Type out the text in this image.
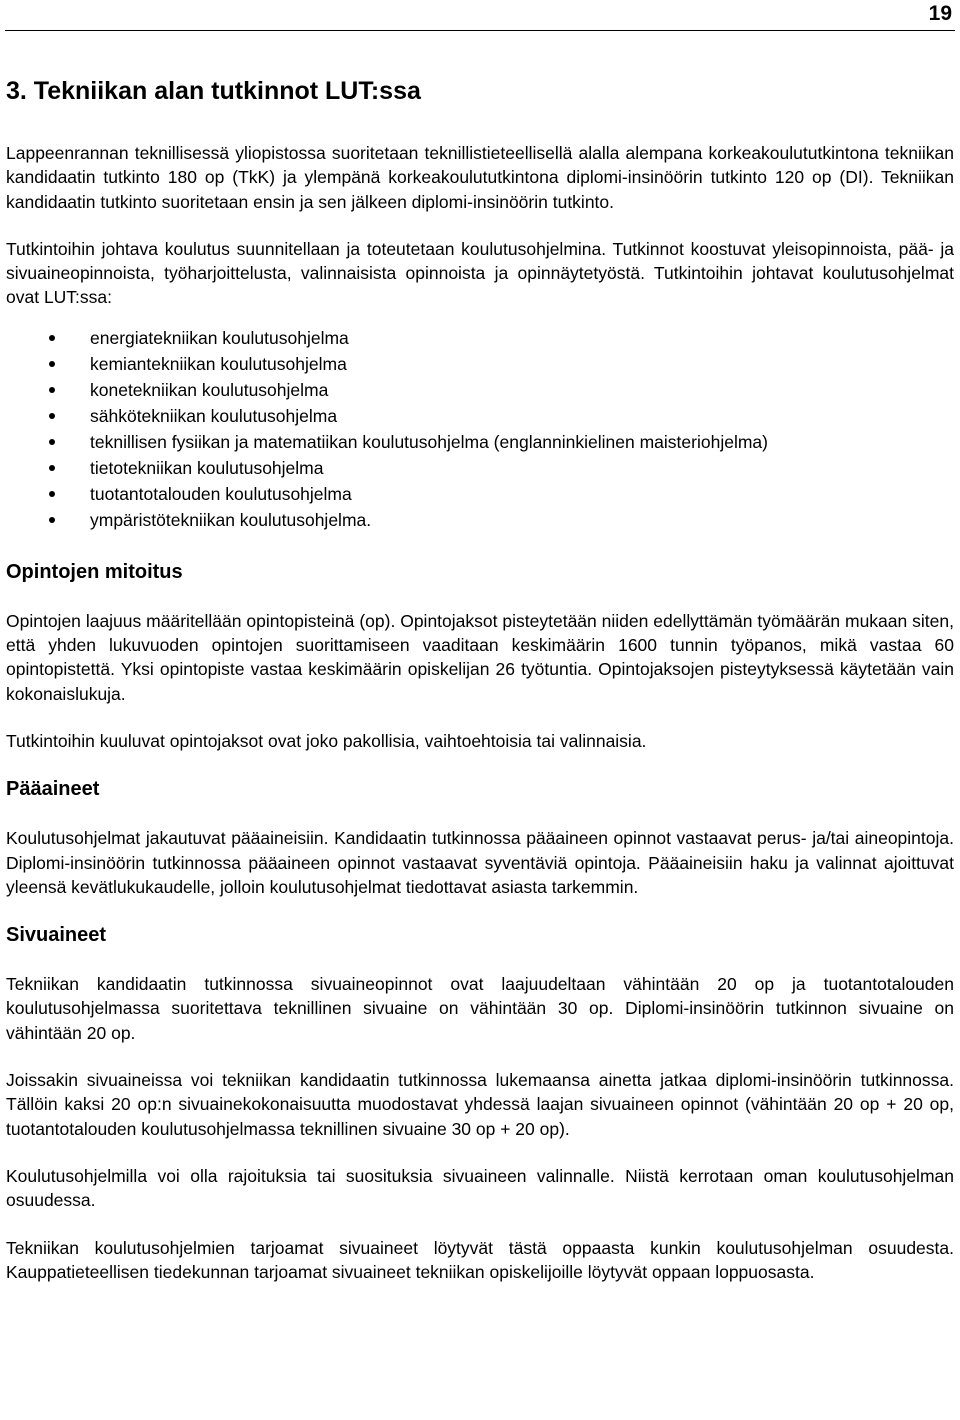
19
3. Tekniikan alan tutkinnot LUT:ssa

Lappeenrannan teknillisessä yliopistossa suoritetaan teknillistieteellisellä alalla alempana korkeakoulututkintona tekniikan kandidaatin tutkinto 180 op (TkK) ja ylempänä korkeakoulututkintona diplomi-insinöörin tutkinto 120 op (DI). Tekniikan kandidaatin tutkinto suoritetaan ensin ja sen jälkeen diplomi-insinöörin tutkinto.

Tutkintoihin johtava koulutus suunnitellaan ja toteutetaan koulutusohjelmina. Tutkinnot koostuvat yleisopinnoista, pää- ja sivuaineopinnoista, työharjoittelusta, valinnaisista opinnoista ja opinnäytetyöstä. Tutkintoihin johtavat koulutusohjelmat ovat LUT:ssa:

energiatekniikan koulutusohjelma
kemiantekniikan koulutusohjelma
konetekniikan koulutusohjelma
sähkötekniikan koulutusohjelma
teknillisen fysiikan ja matematiikan koulutusohjelma (englanninkielinen maisteriohjelma)
tietotekniikan koulutusohjelma
tuotantotalouden koulutusohjelma
ympäristötekniikan koulutusohjelma.
Opintojen mitoitus

Opintojen laajuus määritellään opintopisteinä (op). Opintojaksot pisteytetään niiden edellyttämän työmäärän mukaan siten, että yhden lukuvuoden opintojen suorittamiseen vaaditaan keskimäärin 1600 tunnin työpanos, mikä vastaa 60 opintopistettä. Yksi opintopiste vastaa keskimäärin opiskelijan 26 työtuntia. Opintojaksojen pisteytyksessä käytetään vain kokonaislukuja.

Tutkintoihin kuuluvat opintojaksot ovat joko pakollisia, vaihtoehtoisia tai valinnaisia.

Pääaineet

Koulutusohjelmat jakautuvat pääaineisiin. Kandidaatin tutkinnossa pääaineen opinnot vastaavat perus- ja/tai aineopintoja. Diplomi-insinöörin tutkinnossa pääaineen opinnot vastaavat syventäviä opintoja. Pääaineisiin haku ja valinnat ajoittuvat yleensä kevätlukukaudelle, jolloin koulutusohjelmat tiedottavat asiasta tarkemmin.

Sivuaineet

Tekniikan kandidaatin tutkinnossa sivuaineopinnot ovat laajuudeltaan vähintään 20 op ja tuotantotalouden koulutusohjelmassa suoritettava teknillinen sivuaine on vähintään 30 op. Diplomi-insinöörin tutkinnon sivuaine on vähintään 20 op.

Joissakin sivuaineissa voi tekniikan kandidaatin tutkinnossa lukemaansa ainetta jatkaa diplomi-insinöörin tutkinnossa. Tällöin kaksi 20 op:n sivuainekokonaisuutta muodostavat yhdessä laajan sivuaineen opinnot (vähintään 20 op + 20 op, tuotantotalouden koulutusohjelmassa teknillinen sivuaine 30 op + 20 op).

Koulutusohjelmilla voi olla rajoituksia tai suosituksia sivuaineen valinnalle. Niistä kerrotaan oman koulutusohjelman osuudessa.

Tekniikan koulutusohjelmien tarjoamat sivuaineet löytyvät tästä oppaasta kunkin koulutusohjelman osuudesta. Kauppatieteellisen tiedekunnan tarjoamat sivuaineet tekniikan opiskelijoille löytyvät oppaan loppuosasta.
